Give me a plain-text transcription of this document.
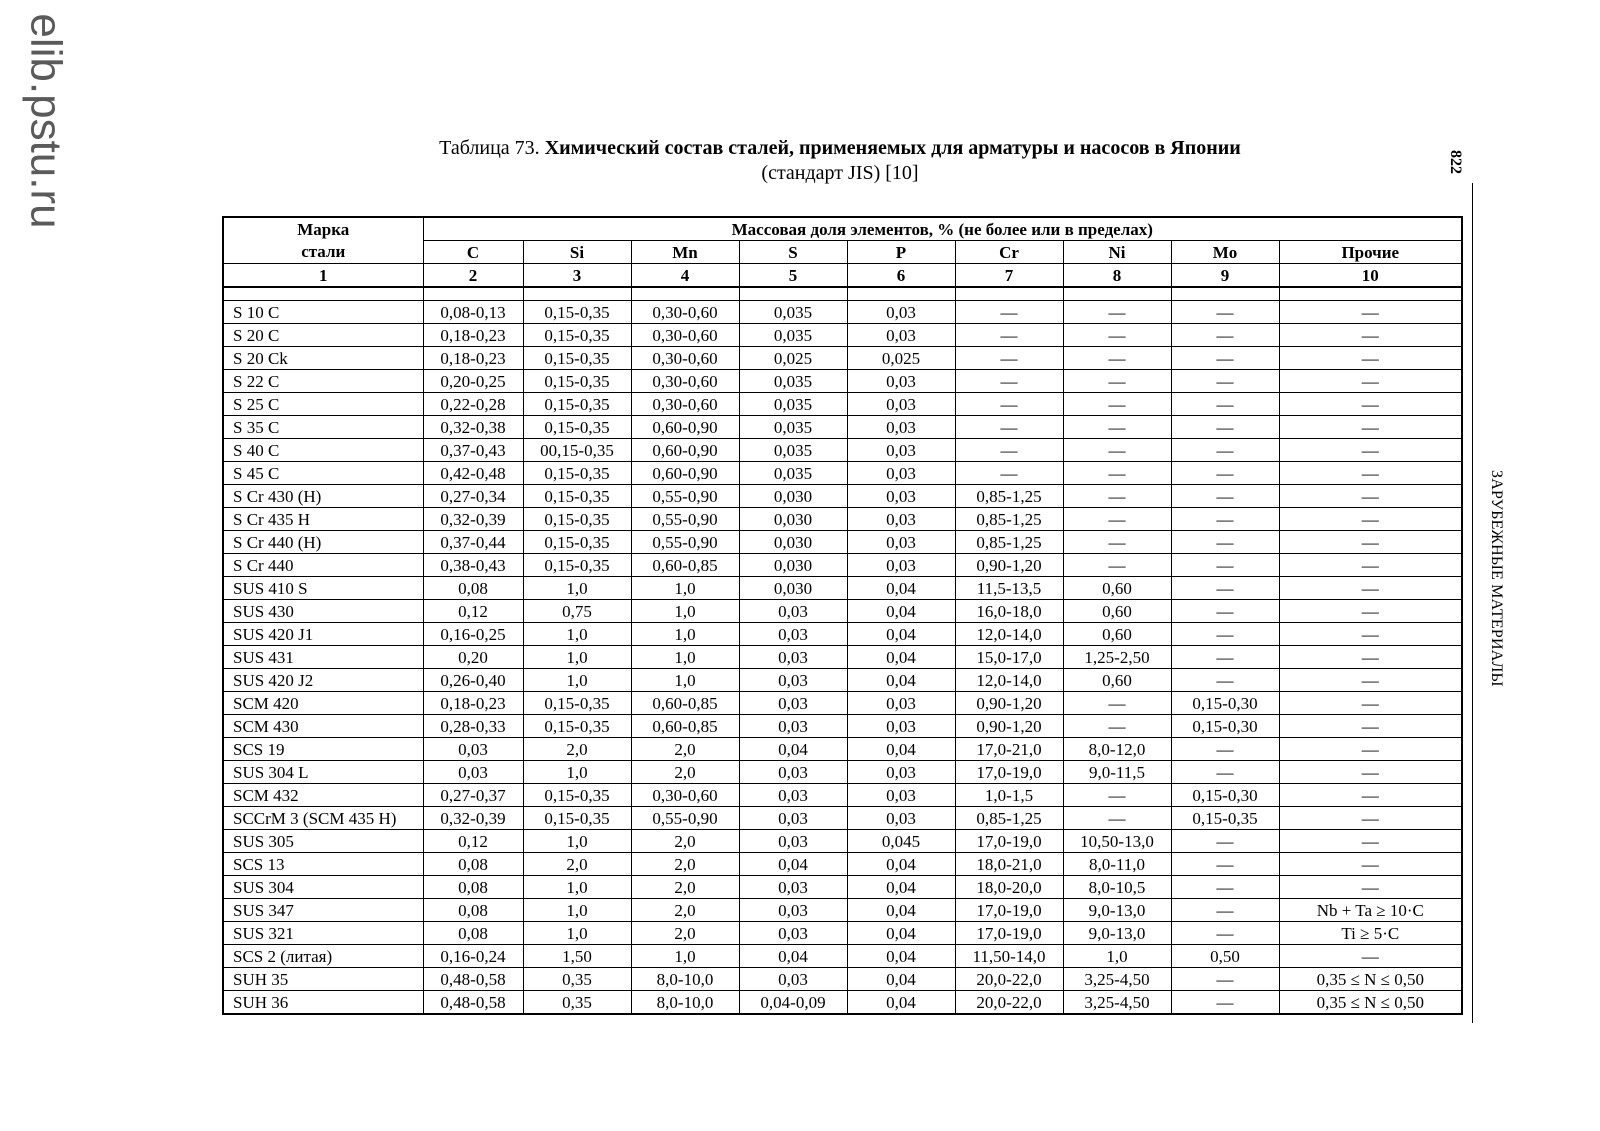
elib.pstu.ru	822
ЗАРУБЕЖНЫЕ МАТЕРИАЛЫ
Таблица 73. Химический состав сталей, применяемых для арматуры и насосов в Японии
(стандарт JIS) [10]
Марка
стали	Массовая доля элементов, % (не более или в пределах)								
	C	Si	Mn	S	P	Cr	Ni	Mo	Прочие
1	2	3	4	5	6	7	8	9	10

S 10 C	0,08-0,13	0,15-0,35	0,30-0,60	0,035	0,03	—	—	—	—
S 20 C	0,18-0,23	0,15-0,35	0,30-0,60	0,035	0,03	—	—	—	—
S 20 Ck	0,18-0,23	0,15-0,35	0,30-0,60	0,025	0,025	—	—	—	—
S 22 C	0,20-0,25	0,15-0,35	0,30-0,60	0,035	0,03	—	—	—	—
S 25 C	0,22-0,28	0,15-0,35	0,30-0,60	0,035	0,03	—	—	—	—
S 35 C	0,32-0,38	0,15-0,35	0,60-0,90	0,035	0,03	—	—	—	—
S 40 C	0,37-0,43	00,15-0,35	0,60-0,90	0,035	0,03	—	—	—	—
S 45 C	0,42-0,48	0,15-0,35	0,60-0,90	0,035	0,03	—	—	—	—
S Cr 430 (H)	0,27-0,34	0,15-0,35	0,55-0,90	0,030	0,03	0,85-1,25	—	—	—
S Cr 435 H	0,32-0,39	0,15-0,35	0,55-0,90	0,030	0,03	0,85-1,25	—	—	—
S Cr 440 (H)	0,37-0,44	0,15-0,35	0,55-0,90	0,030	0,03	0,85-1,25	—	—	—
S Cr 440	0,38-0,43	0,15-0,35	0,60-0,85	0,030	0,03	0,90-1,20	—	—	—
SUS 410 S	0,08	1,0	1,0	0,030	0,04	11,5-13,5	0,60	—	—
SUS 430	0,12	0,75	1,0	0,03	0,04	16,0-18,0	0,60	—	—
SUS 420 J1	0,16-0,25	1,0	1,0	0,03	0,04	12,0-14,0	0,60	—	—
SUS 431	0,20	1,0	1,0	0,03	0,04	15,0-17,0	1,25-2,50	—	—
SUS 420 J2	0,26-0,40	1,0	1,0	0,03	0,04	12,0-14,0	0,60	—	—
SCM 420	0,18-0,23	0,15-0,35	0,60-0,85	0,03	0,03	0,90-1,20	—	0,15-0,30	—
SCM 430	0,28-0,33	0,15-0,35	0,60-0,85	0,03	0,03	0,90-1,20	—	0,15-0,30	—
SCS 19	0,03	2,0	2,0	0,04	0,04	17,0-21,0	8,0-12,0	—	—
SUS 304 L	0,03	1,0	2,0	0,03	0,03	17,0-19,0	9,0-11,5	—	—
SCM 432	0,27-0,37	0,15-0,35	0,30-0,60	0,03	0,03	1,0-1,5	—	0,15-0,30	—
SCCrM 3 (SCM 435 H)	0,32-0,39	0,15-0,35	0,55-0,90	0,03	0,03	0,85-1,25	—	0,15-0,35	—
SUS 305	0,12	1,0	2,0	0,03	0,045	17,0-19,0	10,50-13,0	—	—
SCS 13	0,08	2,0	2,0	0,04	0,04	18,0-21,0	8,0-11,0	—	—
SUS 304	0,08	1,0	2,0	0,03	0,04	18,0-20,0	8,0-10,5	—	—
SUS 347	0,08	1,0	2,0	0,03	0,04	17,0-19,0	9,0-13,0	—	Nb + Ta ≥ 10·C
SUS 321	0,08	1,0	2,0	0,03	0,04	17,0-19,0	9,0-13,0	—	Ti ≥ 5·C
SCS 2 (литая)	0,16-0,24	1,50	1,0	0,04	0,04	11,50-14,0	1,0	0,50	—
SUH 35	0,48-0,58	0,35	8,0-10,0	0,03	0,04	20,0-22,0	3,25-4,50	—	0,35 ≤ N ≤ 0,50
SUH 36	0,48-0,58	0,35	8,0-10,0	0,04-0,09	0,04	20,0-22,0	3,25-4,50	—	0,35 ≤ N ≤ 0,50
